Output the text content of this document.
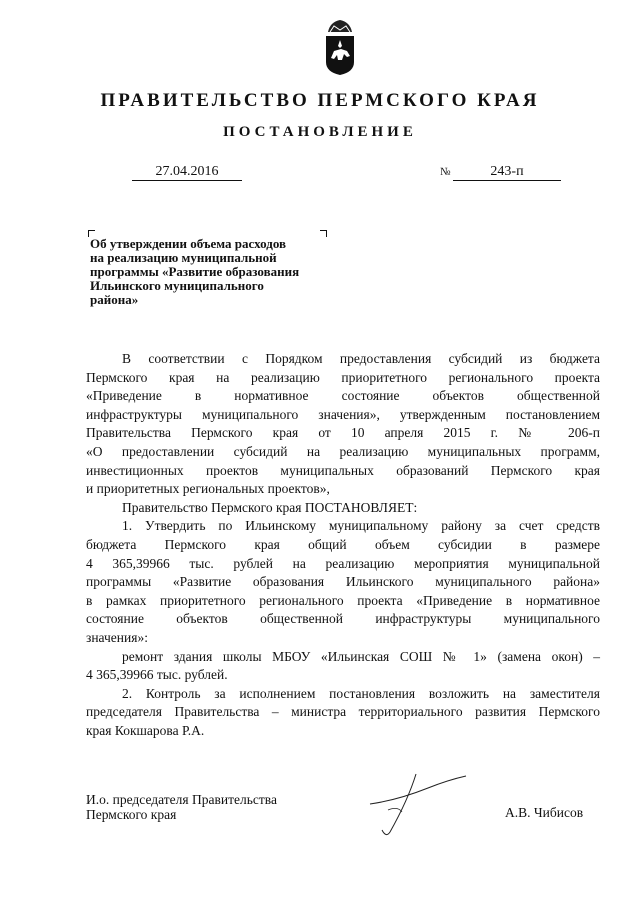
ПРАВИТЕЛЬСТВО ПЕРМСКОГО КРАЯ
ПОСТАНОВЛЕНИЕ
27.04.2016	№	243-п
Об утверждении объема расходов
на реализацию муниципальной
программы «Развитие образования
Ильинского муниципального
района»
В соответствии с Порядком предоставления субсидий из бюджета
Пермского края на реализацию приоритетного регионального проекта
«Приведение в нормативное состояние объектов общественной
инфраструктуры муниципального значения», утвержденным постановлением
Правительства Пермского края от 10 апреля 2015 г. № 206-п
«О предоставлении субсидий на реализацию муниципальных программ,
инвестиционных проектов муниципальных образований Пермского края
и приоритетных региональных проектов»,
Правительство Пермского края ПОСТАНОВЛЯЕТ:
1. Утвердить по Ильинскому муниципальному району за счет средств
бюджета Пермского края общий объем субсидии в размере
4 365,39966 тыс. рублей на реализацию мероприятия муниципальной
программы «Развитие образования Ильинского муниципального района»
в рамках приоритетного регионального проекта «Приведение в нормативное
состояние объектов общественной инфраструктуры муниципального
значения»:
ремонт здания школы МБОУ «Ильинская СОШ № 1» (замена окон) –
4 365,39966 тыс. рублей.
2. Контроль за исполнением постановления возложить на заместителя
председателя Правительства – министра территориального развития Пермского
края Кокшарова Р.А.
И.о. председателя Правительства
Пермского края	А.В. Чибисов
